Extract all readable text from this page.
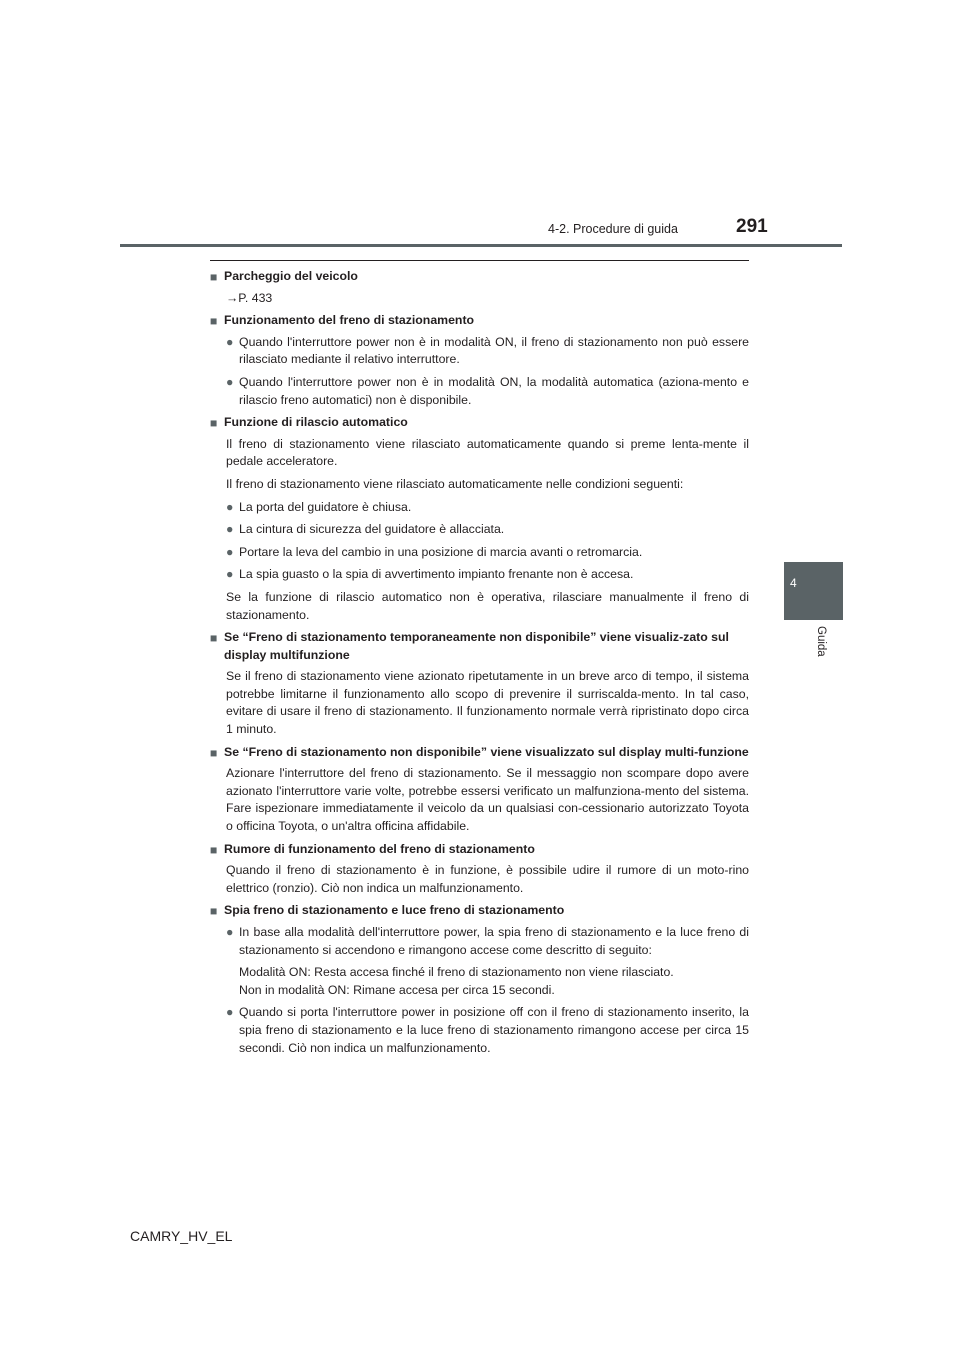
4-2. Procedure di guida	291
4
Guida
■ Parcheggio del veicolo
→P. 433
■ Funzionamento del freno di stazionamento
● Quando l'interruttore power non è in modalità ON, il freno di stazionamento non può essere rilasciato mediante il relativo interruttore.
● Quando l'interruttore power non è in modalità ON, la modalità automatica (aziona-mento e rilascio freno automatici) non è disponibile.
■ Funzione di rilascio automatico
Il freno di stazionamento viene rilasciato automaticamente quando si preme lenta-mente il pedale acceleratore.
Il freno di stazionamento viene rilasciato automaticamente nelle condizioni seguenti:
● La porta del guidatore è chiusa.
● La cintura di sicurezza del guidatore è allacciata.
● Portare la leva del cambio in una posizione di marcia avanti o retromarcia.
● La spia guasto o la spia di avvertimento impianto frenante non è accesa.
Se la funzione di rilascio automatico non è operativa, rilasciare manualmente il freno di stazionamento.
■ Se “Freno di stazionamento temporaneamente non disponibile” viene visualiz-zato sul display multifunzione
Se il freno di stazionamento viene azionato ripetutamente in un breve arco di tempo, il sistema potrebbe limitarne il funzionamento allo scopo di prevenire il surriscalda-mento. In tal caso, evitare di usare il freno di stazionamento. Il funzionamento normale verrà ripristinato dopo circa 1 minuto.
■ Se “Freno di stazionamento non disponibile” viene visualizzato sul display multi-funzione
Azionare l'interruttore del freno di stazionamento. Se il messaggio non scompare dopo avere azionato l'interruttore varie volte, potrebbe essersi verificato un malfunziona-mento del sistema. Fare ispezionare immediatamente il veicolo da un qualsiasi con-cessionario autorizzato Toyota o officina Toyota, o un'altra officina affidabile.
■ Rumore di funzionamento del freno di stazionamento
Quando il freno di stazionamento è in funzione, è possibile udire il rumore di un moto-rino elettrico (ronzio). Ciò non indica un malfunzionamento.
■ Spia freno di stazionamento e luce freno di stazionamento
● In base alla modalità dell'interruttore power, la spia freno di stazionamento e la luce freno di stazionamento si accendono e rimangono accese come descritto di seguito:
Modalità ON: Resta accesa finché il freno di stazionamento non viene rilasciato.
Non in modalità ON: Rimane accesa per circa 15 secondi.
● Quando si porta l'interruttore power in posizione off con il freno di stazionamento inserito, la spia freno di stazionamento e la luce freno di stazionamento rimangono accese per circa 15 secondi. Ciò non indica un malfunzionamento.
CAMRY_HV_EL
